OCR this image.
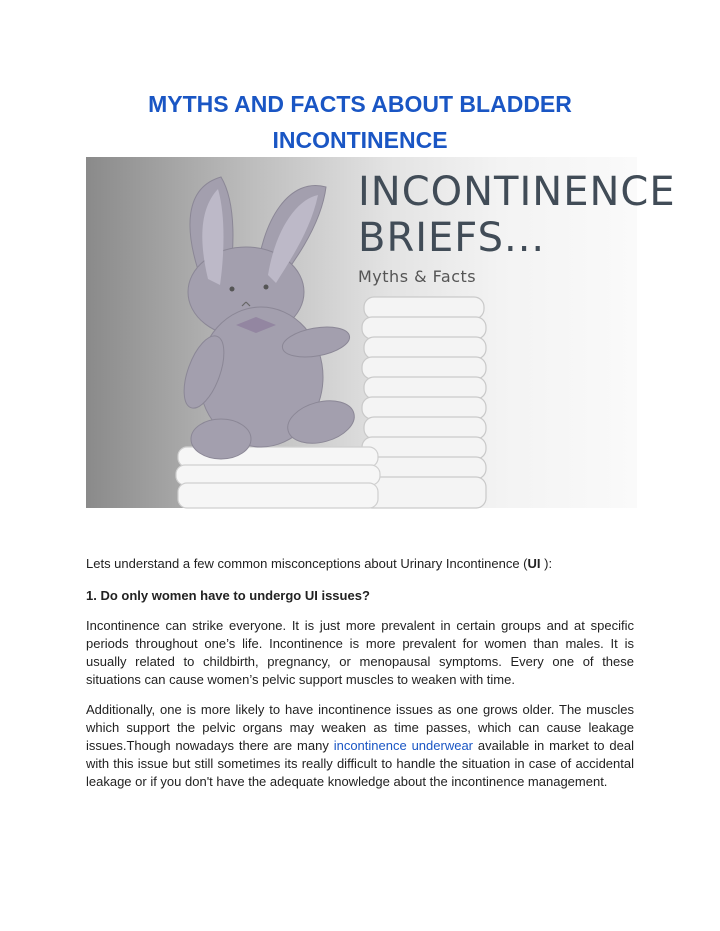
MYTHS AND FACTS ABOUT BLADDER
INCONTINENCE
INCONTINENCE
BRIEFS...
Myths & Facts

Lets understand a few common misconceptions about Urinary Incontinence (UI ):

1. Do only women have to undergo UI issues?

Incontinence can strike everyone. It is just more prevalent in certain groups and at specific periods throughout one’s life. Incontinence is more prevalent for women than males. It is usually related to childbirth, pregnancy, or menopausal symptoms. Every one of these situations can cause women’s pelvic support muscles to weaken with time.

Additionally, one is more likely to have incontinence issues as one grows older. The muscles which support the pelvic organs may weaken as time passes, which can cause leakage issues.Though nowadays there are many incontinence underwear available in market to deal with this issue but still sometimes its really difficult to handle the situation in case of accidental leakage or if you don't have the adequate knowledge about the incontinence management.
